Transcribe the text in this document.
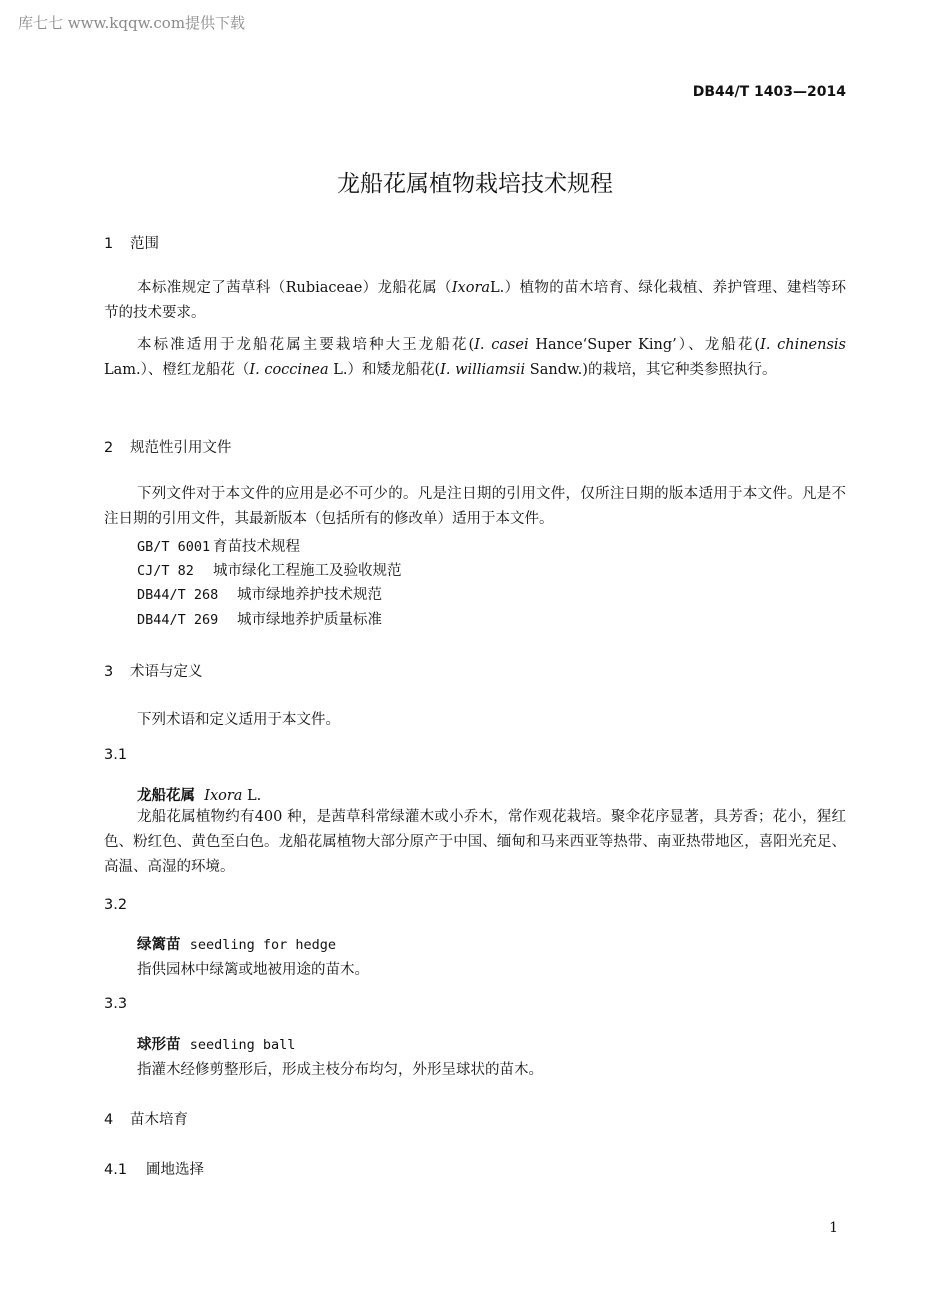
库七七 www.kqqw.com提供下载
DB44/T 1403—2014
龙船花属植物栽培技术规程
1 范围
本标准规定了茜草科（Rubiaceae）龙船花属（IxoraL.）植物的苗木培育、绿化栽植、养护管理、建档等环节的技术要求。
本标准适用于龙船花属主要栽培种大王龙船花(I. casei Hance‘Super King’）、龙船花(I. chinensis Lam.）、橙红龙船花（I. coccinea L.）和矮龙船花(I. williamsii Sandw.)的栽培，其它种类参照执行。
2 规范性引用文件
下列文件对于本文件的应用是必不可少的。凡是注日期的引用文件，仅所注日期的版本适用于本文件。凡是不注日期的引用文件，其最新版本（包括所有的修改单）适用于本文件。
GB/T 6001 育苗技术规程
CJ/T 82 城市绿化工程施工及验收规范
DB44/T 268 城市绿地养护技术规范
DB44/T 269 城市绿地养护质量标准
3 术语与定义
下列术语和定义适用于本文件。
3.1
龙船花属 Ixora L.
龙船花属植物约有400 种，是茜草科常绿灌木或小乔木，常作观花栽培。聚伞花序显著，具芳香；花小，猩红色、粉红色、黄色至白色。龙船花属植物大部分原产于中国、缅甸和马来西亚等热带、南亚热带地区，喜阳光充足、高温、高湿的环境。
3.2
绿篱苗 seedling for hedge
指供园林中绿篱或地被用途的苗木。
3.3
球形苗 seedling ball
指灌木经修剪整形后，形成主枝分布均匀，外形呈球状的苗木。
4 苗木培育
4.1 圃地选择
1
